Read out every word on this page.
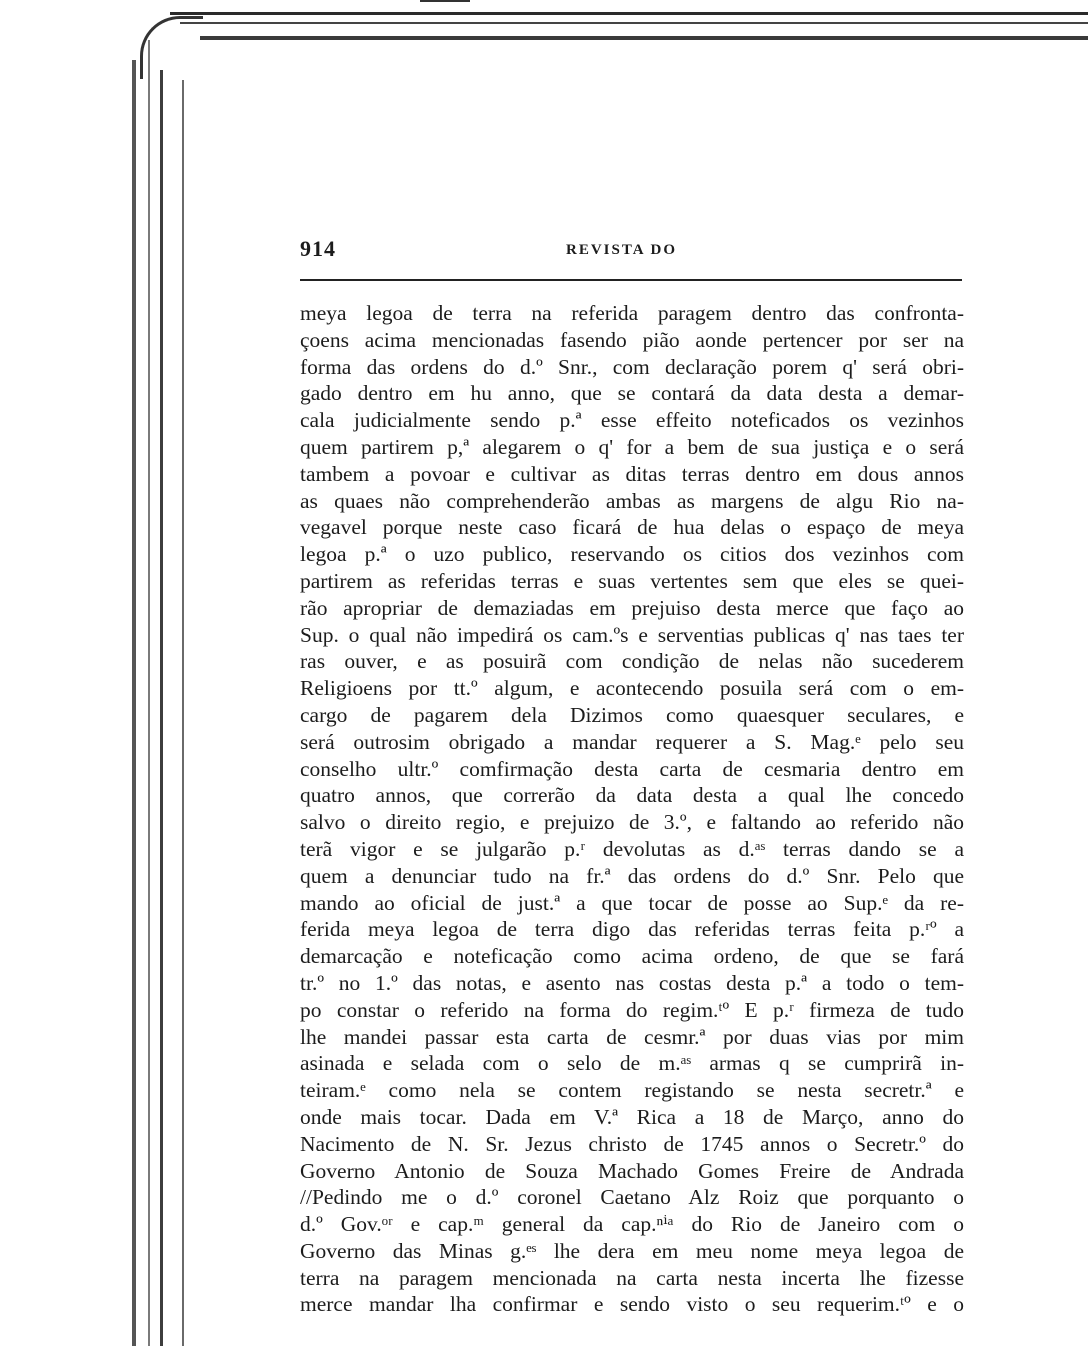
914	REVISTA DO
meya legoa de terra na referida paragem dentro das confronta-
çoens acima mencionadas fasendo pião aonde pertencer por ser na
forma das ordens do d.º Snr., com declaração porem q' será obri-
gado dentro em hu anno, que se contará da data desta a demar-
cala judicialmente sendo p.ª esse effeito noteficados os vezinhos
quem partirem p,ª alegarem o q' for a bem de sua justiça e o será
tambem a povoar e cultivar as ditas terras dentro em dous annos
as quaes não comprehenderão ambas as margens de algu Rio na-
vegavel porque neste caso ficará de hua delas o espaço de meya
legoa p.ª o uzo publico, reservando os citios dos vezinhos com
partirem as referidas terras e suas vertentes sem que eles se quei-
rão apropriar de demaziadas em prejuiso desta merce que faço ao
Sup. o qual não impedirá os cam.ºs e serventias publicas q' nas taes ter
ras ouver, e as posuirã com condição de nelas não sucederem
Religioens por tt.º algum, e acontecendo posuila será com o em-
cargo de pagarem dela Dizimos como quaesquer seculares, e
será outrosim obrigado a mandar requerer a S. Mag.ᵉ pelo seu
conselho ultr.º comfirmação desta carta de cesmaria dentro em
quatro annos, que correrão da data desta a qual lhe concedo
salvo o direito regio, e prejuizo de 3.º, e faltando ao referido não
terã vigor e se julgarão p.ʳ devolutas as d.ᵃˢ terras dando se a
quem a denunciar tudo na fr.ª das ordens do d.º Snr. Pelo que
mando ao oficial de just.ª a que tocar de posse ao Sup.ᵉ da re-
ferida meya legoa de terra digo das referidas terras feita p.ʳº a
demarcação e noteficação como acima ordeno, de que se fará
tr.º no 1.º das notas, e asento nas costas desta p.ª a todo o tem-
po constar o referido na forma do regim.ᵗº E p.ʳ firmeza de tudo
lhe mandei passar esta carta de cesmr.ª por duas vias por mim
asinada e selada com o selo de m.ᵃˢ armas q se cumprirã in-
teiram.ᵉ como nela se contem registando se nesta secretr.ª e
onde mais tocar. Dada em V.ª Rica a 18 de Março, anno do
Nacimento de N. Sr. Jezus christo de 1745 annos o Secretr.º do
Governo Antonio de Souza Machado Gomes Freire de Andrada
//Pedindo me o d.º coronel Caetano Alz Roiz que porquanto o
d.º Gov.ᵒʳ e cap.ᵐ general da cap.ⁿⁱᵃ do Rio de Janeiro com o
Governo das Minas g.ᵉˢ lhe dera em meu nome meya legoa de
terra na paragem mencionada na carta nesta incerta lhe fizesse
merce mandar lha confirmar e sendo visto o seu requerim.ᵗº e o
